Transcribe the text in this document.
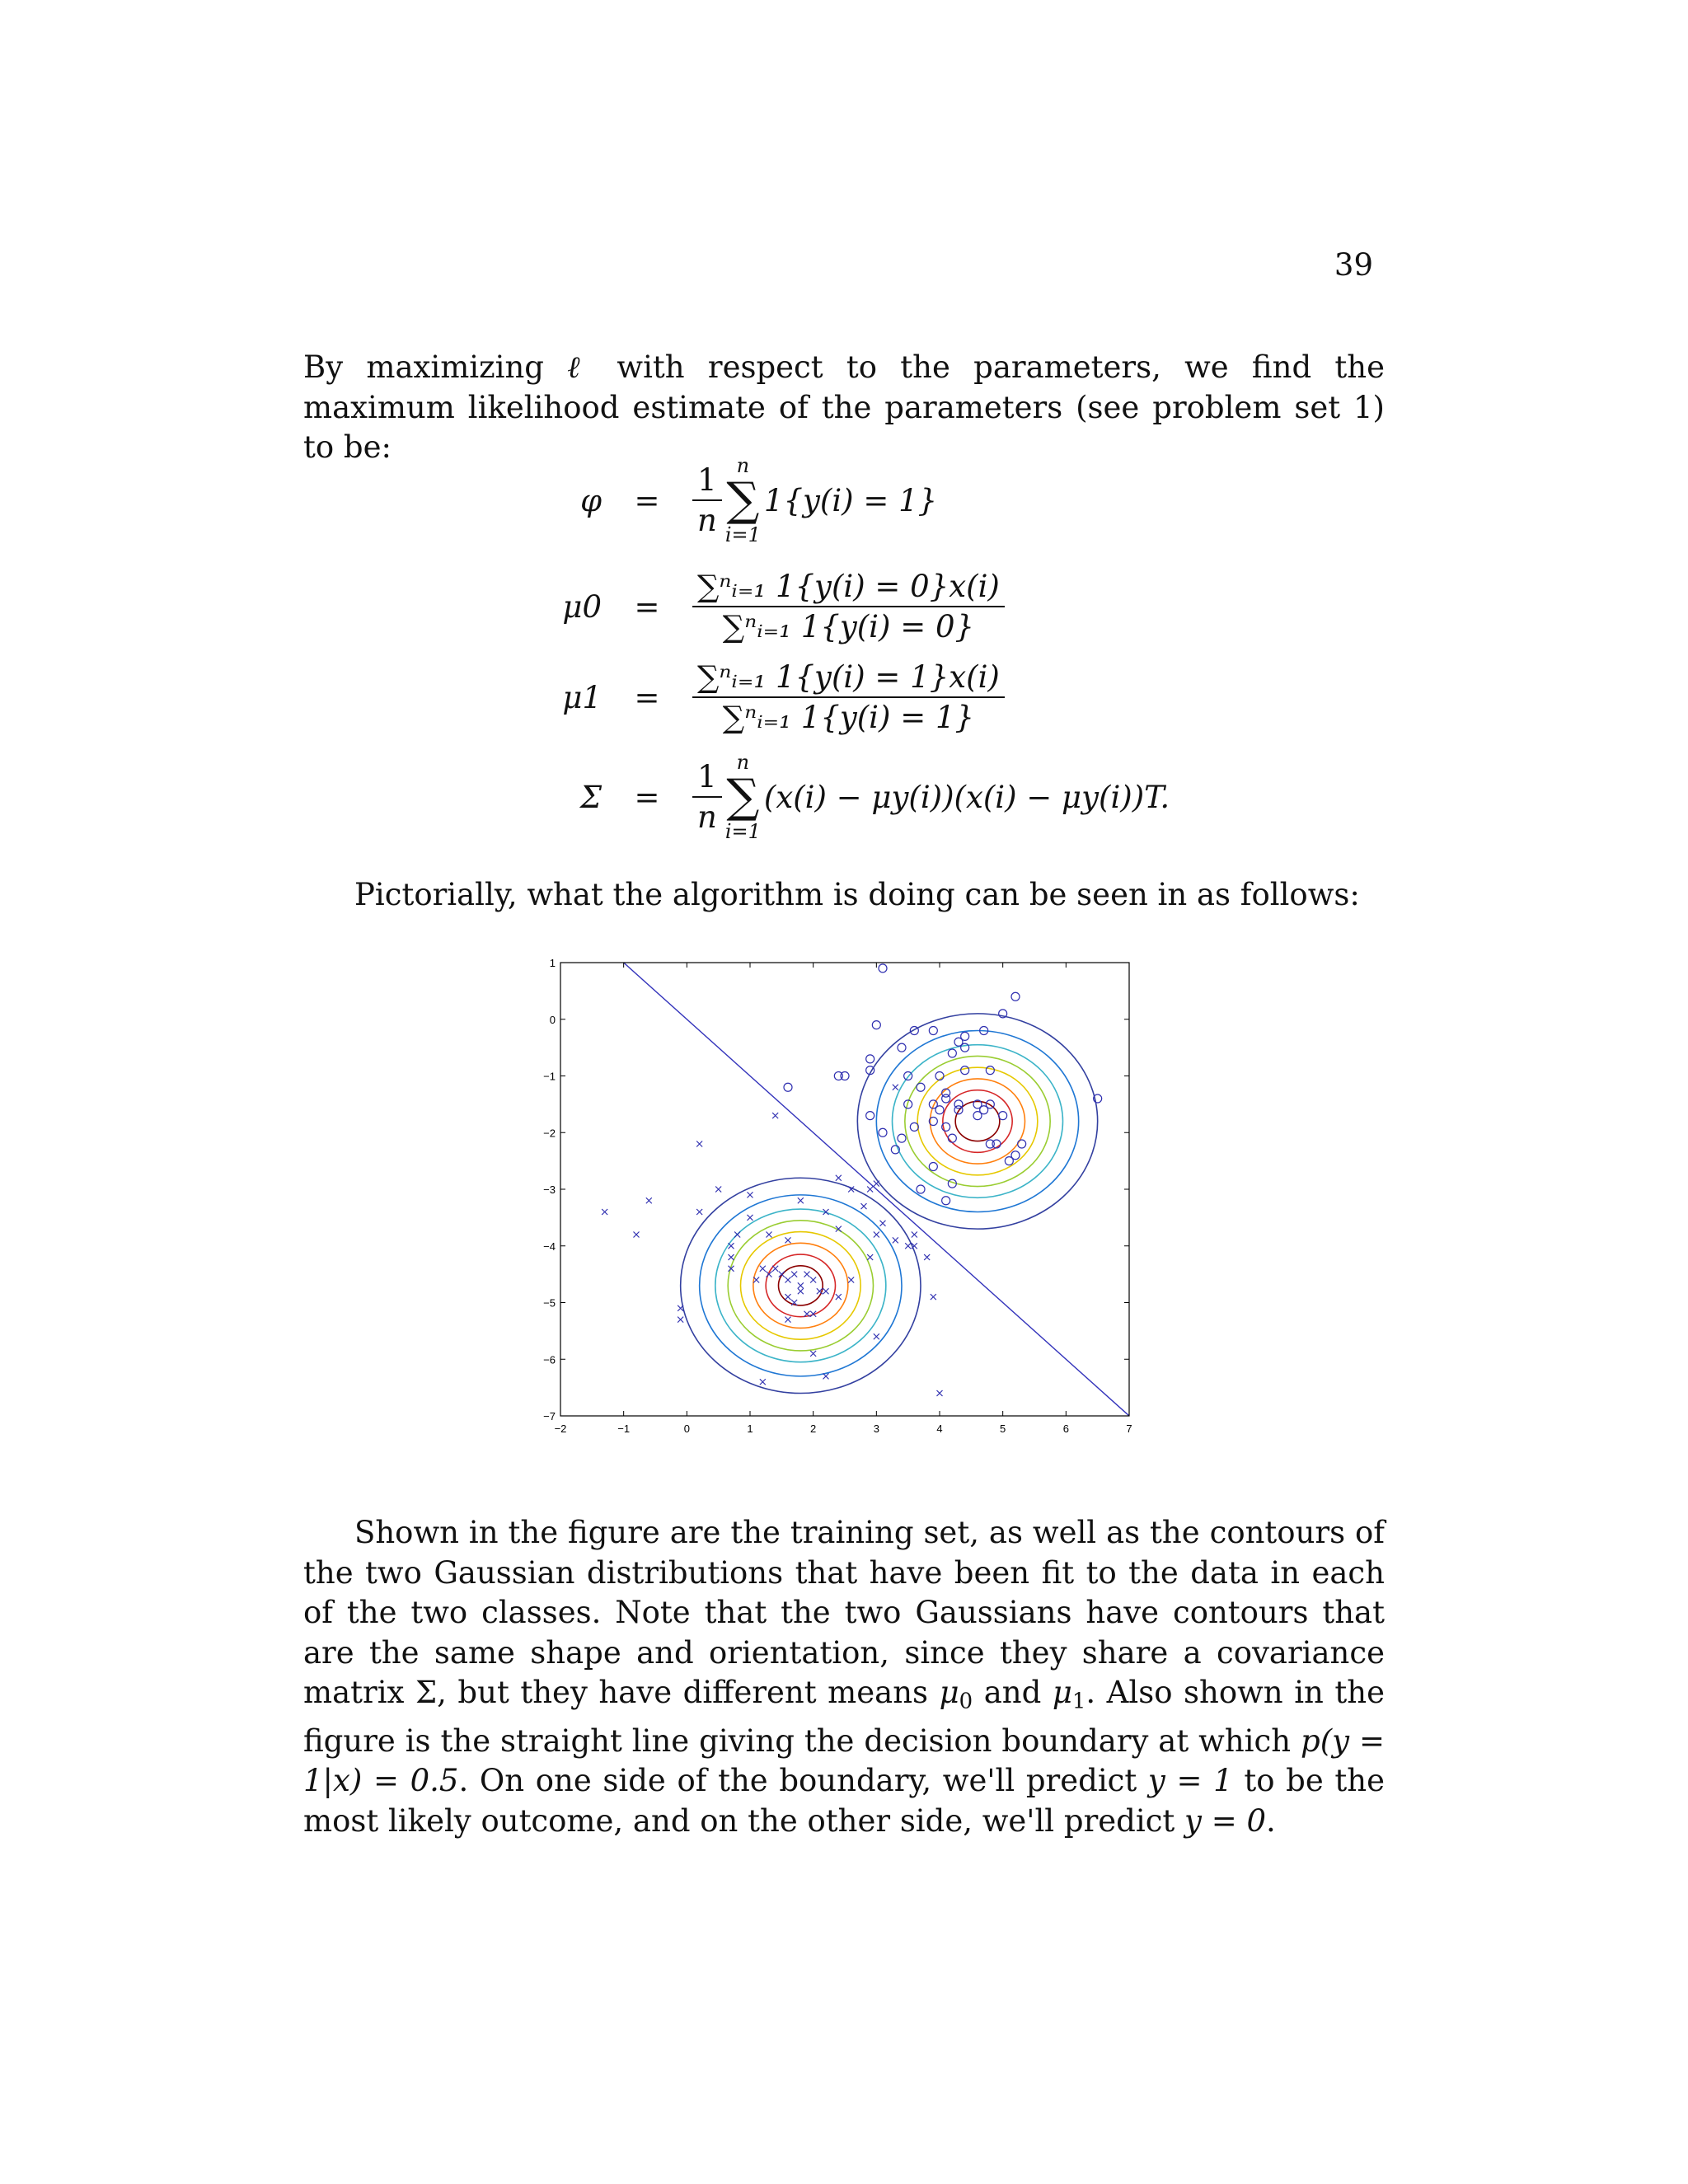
39

By maximizing ℓ with respect to the parameters, we find the maximum likelihood estimate of the parameters (see problem set 1) to be:

φ	=	$\frac{1}{n}$ n
∑
i=1
1{y(i) = 1}
μ0	=	$\frac{\text{∑ⁿᵢ₌₁ 1\{y(i) = 0\}x(i)}}{\text{∑ⁿᵢ₌₁ 1\{y(i) = 0\}}}$
μ1	=	$\frac{\text{∑ⁿᵢ₌₁ 1\{y(i) = 1\}x(i)}}{\text{∑ⁿᵢ₌₁ 1\{y(i) = 1\}}}$
Σ	=	$\frac{1}{n}$ n
∑
i=1
(x(i) − μy(i))(x(i) − μy(i))T.

Pictorially, what the algorithm is doing can be seen in as follows:

−2	−1	0	1	2	3	4	5	6	7
−7
−6
−5
−4
−3
−2
−1
0
1

Shown in the figure are the training set, as well as the contours of the two Gaussian distributions that have been fit to the data in each of the two classes. Note that the two Gaussians have contours that are the same shape and orientation, since they share a covariance matrix Σ, but they have different means $\mu_0$ and $\mu_1$. Also shown in the figure is the straight line giving the decision boundary at which p(y = 1|x) = 0.5. On one side of the boundary, we'll predict y = 1 to be the most likely outcome, and on the other side, we'll predict y = 0.
